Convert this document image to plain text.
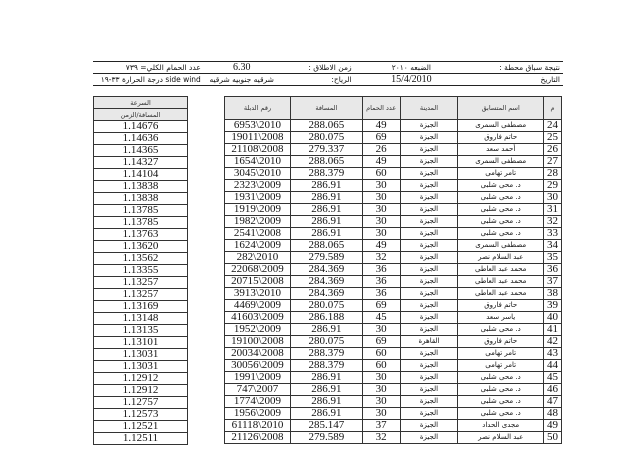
عدد الحمام الكلي= ٧٣٩	6.30	زمن الاطلاق :	الضبعه ٢٠١٠	نتيجة سباق محطة :
side wind درجة الحرارة ٣٣-١٩	شرقيه جنوبيه شرقيه	الرياح:	15/4/2010	التاريخ
السرعة
المسافة/الزمن
1.14676
1.14636
1.14365
1.14327
1.14104
1.13838
1.13838
1.13785
1.13785
1.13763
1.13620
1.13562
1.13355
1.13257
1.13257
1.13169
1.13148
1.13135
1.13101
1.13031
1.13031
1.12912
1.12912
1.12757
1.12573
1.12521
1.12511
رقم الدبلة	المسافة	عدد الحمام	المدينة	اسم المتسابق	م
6953\2010	288.065	49	الجيزة	مصطفى السمرى	24
19011\2008	280.075	69	الجيزة	حاتم فاروق	25
21108\2008	279.337	26	الجيزة	أحمد سعد	26
1654\2010	288.065	49	الجيزة	مصطفى السمرى	27
3045\2010	288.379	60	الجيزة	تامر تهامى	28
2323\2009	286.91	30	الجيزة	د. محى شلبى	29
1931\2009	286.91	30	الجيزة	د. محى شلبى	30
1919\2009	286.91	30	الجيزة	د. محى شلبى	31
1982\2009	286.91	30	الجيزة	د. محى شلبى	32
2541\2008	286.91	30	الجيزة	د. محى شلبى	33
1624\2009	288.065	49	الجيزة	مصطفى السمرى	34
282\2010	279.589	32	الجيزة	عبد السلام نصر	35
22068\2009	284.369	36	الجيزة	محمد عبد العاطى	36
20715\2008	284.369	36	الجيزة	محمد عبد العاطى	37
3913\2010	284.369	36	الجيزة	محمد عبد العاطى	38
4469\2009	280.075	69	الجيزة	حاتم فاروق	39
41603\2009	286.188	45	الجيزة	ياسر سعد	40
1952\2009	286.91	30	الجيزة	د. محى شلبى	41
19100\2008	280.075	69	القاهرة	حاتم فاروق	42
20034\2008	288.379	60	الجيزة	تامر تهامى	43
30056\2009	288.379	60	الجيزة	تامر تهامى	44
1991\2009	286.91	30	الجيزة	د. محى شلبى	45
747\2007	286.91	30	الجيزة	د. محى شلبى	46
1774\2009	286.91	30	الجيزة	د. محى شلبى	47
1956\2009	286.91	30	الجيزة	د. محى شلبى	48
61118\2010	285.147	37	الجيزة	مجدى الحداد	49
21126\2008	279.589	32	الجيزة	عبد السلام نصر	50
